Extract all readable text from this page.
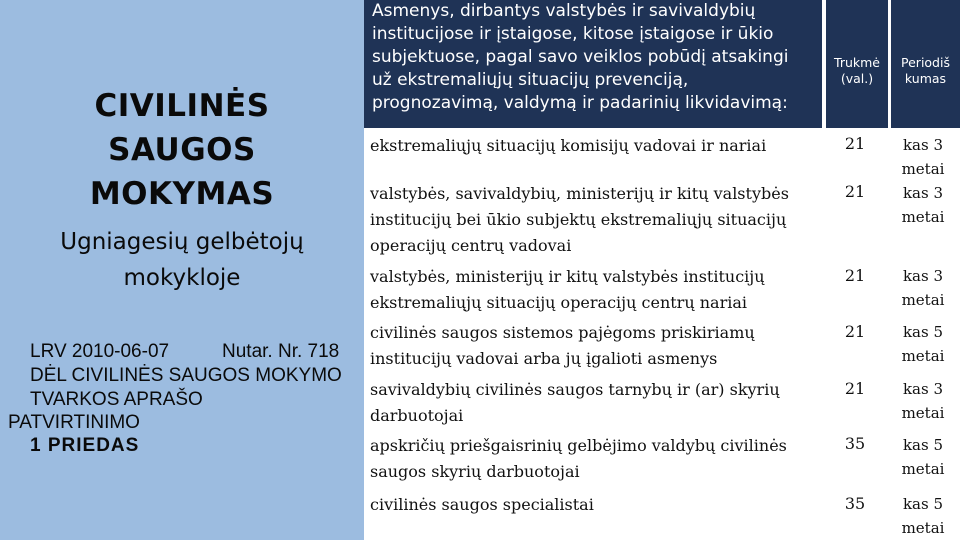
CIVILINĖS
SAUGOS
MOKYMAS
Ugniagesių gelbėtojų
mokykloje
LRV 2010-06-07	Nutar. Nr. 718
DĖL CIVILINĖS SAUGOS MOKYMO
TVARKOS APRAŠO
PATVIRTINIMO
1 PRIEDAS
Asmenys, dirbantys valstybės ir savivaldybių
institucijose ir įstaigose, kitose įstaigose ir ūkio
subjektuose, pagal savo veiklos pobūdį atsakingi
už ekstremaliųjų situacijų prevenciją,
prognozavimą, valdymą ir padarinių likvidavimą:
Trukmė
(val.)
Periodiš
kumas
ekstremaliųjų situacijų komisijų vadovai ir nariai	21	kas 3
metai
valstybės, savivaldybių, ministerijų ir kitų valstybės
institucijų bei ūkio subjektų ekstremaliųjų situacijų
operacijų centrų vadovai
21	kas 3
metai
valstybės, ministerijų ir kitų valstybės institucijų
ekstremaliųjų situacijų operacijų centrų nariai
21	kas 3
metai
civilinės saugos sistemos pajėgoms priskiriamų
institucijų vadovai arba jų įgalioti asmenys
21	kas 5
metai
savivaldybių civilinės saugos tarnybų ir (ar) skyrių
darbuotojai
21	kas 3
metai
apskričių priešgaisrinių gelbėjimo valdybų civilinės
saugos skyrių darbuotojai
35	kas 5
metai
civilinės saugos specialistai	35	kas 5
metai
